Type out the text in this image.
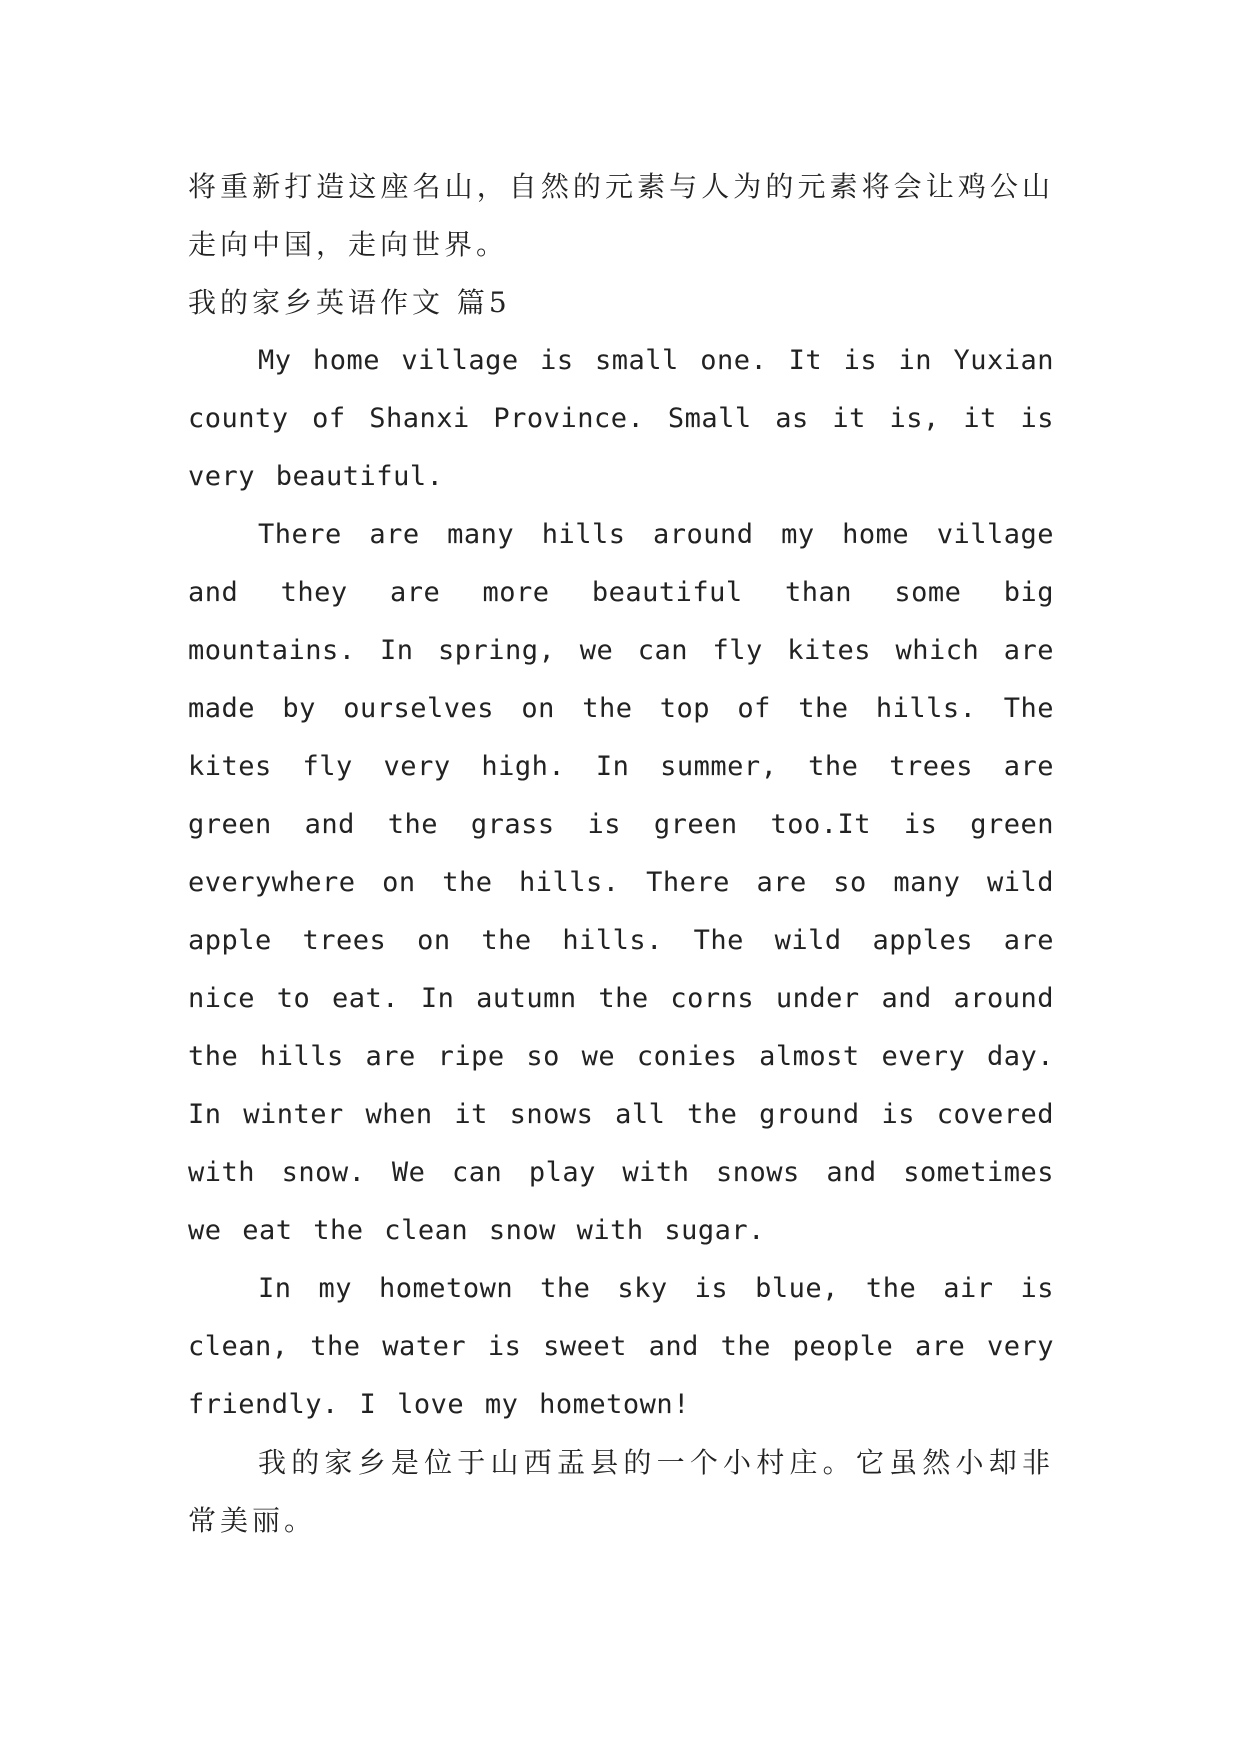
将重新打造这座名山，自然的元素与人为的元素将会让鸡公山走向中国，走向世界。

我的家乡英语作文 篇5

My home village is small one. It is in Yuxian county of Shanxi Province. Small as it is, it is very beautiful.

There are many hills around my home village and they are more beautiful than some big mountains. In spring, we can fly kites which are made by ourselves on the top of the hills. The kites fly very high. In summer, the trees are green and the grass is green too.It is green everywhere on the hills. There are so many wild apple trees on the hills. The wild apples are nice to eat. In autumn the corns under and around the hills are ripe so we conies almost every day. In winter when it snows all the ground is covered with snow. We can play with snows and sometimes we eat the clean snow with sugar.

In my hometown the sky is blue, the air is clean, the water is sweet and the people are very friendly. I love my hometown!

我的家乡是位于山西盂县的一个小村庄。它虽然小却非常美丽。
